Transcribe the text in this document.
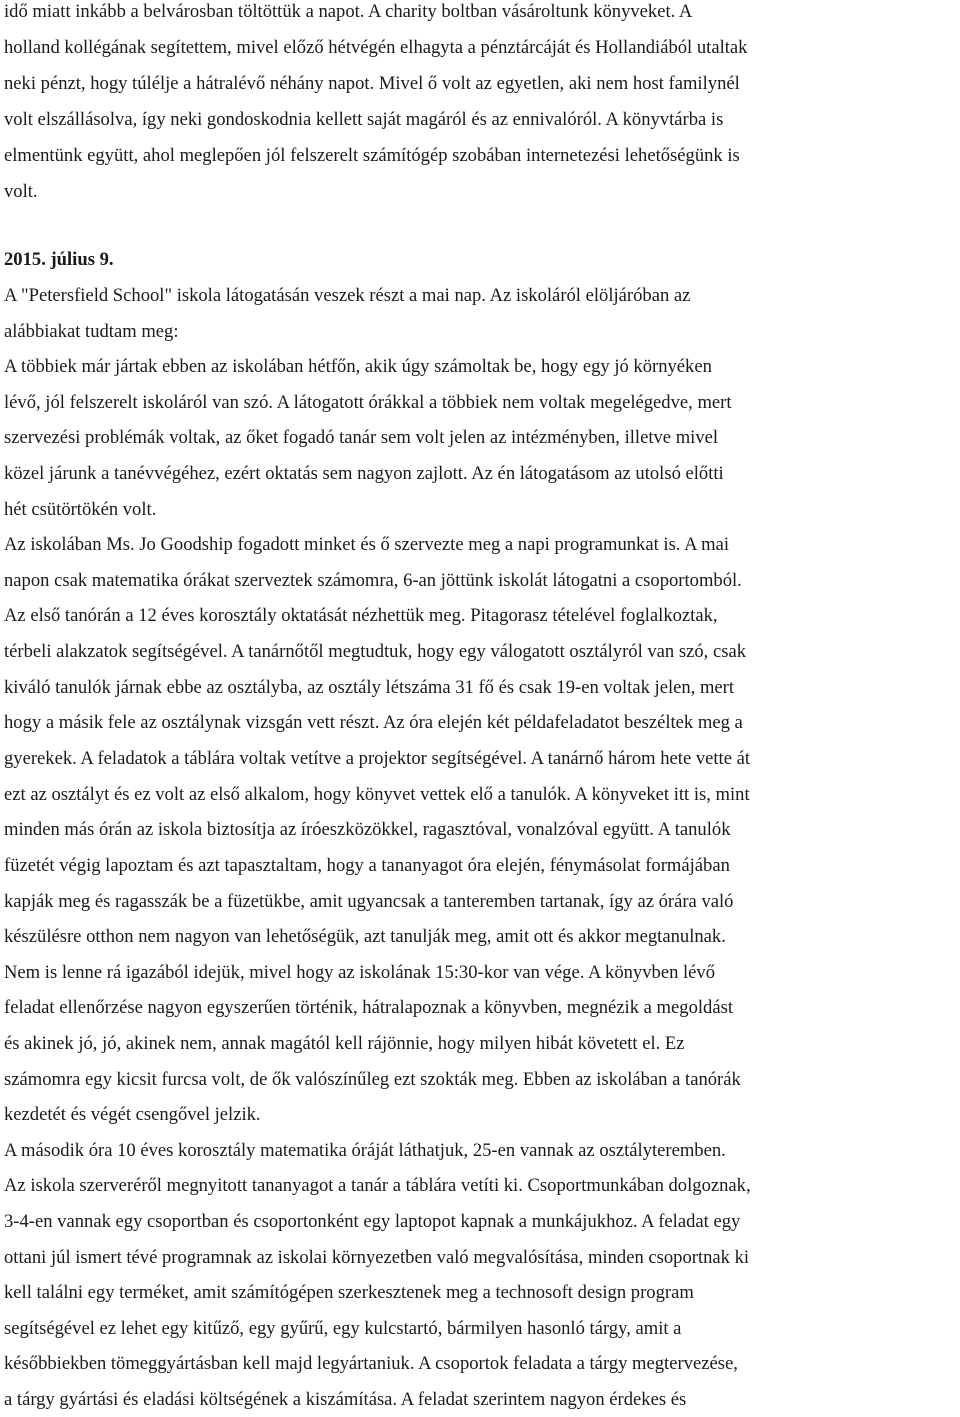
idő miatt inkább a belvárosban töltöttük a napot. A charity boltban vásároltunk könyveket. A
holland kollégának segítettem, mivel előző hétvégén elhagyta a pénztárcáját és Hollandiából utaltak
neki pénzt, hogy túlélje a hátralévő néhány napot. Mivel ő volt az egyetlen, aki nem host familynél
volt elszállásolva, így neki gondoskodnia kellett saját magáról és az ennivalóról. A könyvtárba is
elmentünk együtt, ahol meglepően jól felszerelt számítógép szobában internetezési lehetőségünk is
volt.
2015. július 9.
A "Petersfield School" iskola látogatásán veszek részt a mai nap. Az iskoláról elöljáróban az
alábbiakat tudtam meg:
A többiek már jártak ebben az iskolában hétfőn, akik úgy számoltak be, hogy egy jó környéken
lévő, jól felszerelt iskoláról van szó. A látogatott órákkal a többiek nem voltak megelégedve, mert
szervezési problémák voltak, az őket fogadó tanár sem volt jelen az intézményben, illetve mivel
közel járunk a tanévvégéhez, ezért oktatás sem nagyon zajlott. Az én látogatásom az utolsó előtti
hét csütörtökén volt.
Az iskolában Ms. Jo Goodship fogadott minket és ő szervezte meg a napi programunkat is. A mai
napon csak matematika órákat szerveztek számomra, 6-an jöttünk iskolát látogatni a csoportomból.
Az első tanórán a 12 éves korosztály oktatását nézhettük meg. Pitagorasz tételével foglalkoztak,
térbeli alakzatok segítségével. A tanárnőtől megtudtuk, hogy egy válogatott osztályról van szó, csak
kiváló tanulók járnak ebbe az osztályba, az osztály létszáma 31 fő és csak 19-en voltak jelen, mert
hogy a másik fele az osztálynak vizsgán vett részt. Az óra elején két példafeladatot beszéltek meg a
gyerekek. A feladatok a táblára voltak vetítve a projektor segítségével. A tanárnő három hete vette át
ezt az osztályt és ez volt az első alkalom, hogy könyvet vettek elő a tanulók. A könyveket itt is, mint
minden más órán az iskola biztosítja az íróeszközökkel, ragasztóval, vonalzóval együtt. A tanulók
füzetét végig lapoztam és azt tapasztaltam, hogy a tananyagot óra elején, fénymásolat formájában
kapják meg és ragasszák be a füzetükbe, amit ugyancsak a tanteremben tartanak, így az órára való
készülésre otthon nem nagyon van lehetőségük, azt tanulják meg, amit ott és akkor megtanulnak.
Nem is lenne rá igazából idejük, mivel hogy az iskolának 15:30-kor van vége. A könyvben lévő
feladat ellenőrzése nagyon egyszerűen történik, hátralapoznak a könyvben, megnézik a megoldást
és akinek jó, jó, akinek nem, annak magától kell rájönnie, hogy milyen hibát követett el. Ez
számomra egy kicsit furcsa volt, de ők valószínűleg ezt szokták meg. Ebben az iskolában a tanórák
kezdetét és végét csengővel jelzik.
A második óra 10 éves korosztály matematika óráját láthatjuk, 25-en vannak az osztályteremben.
Az iskola szerveréről megnyitott tananyagot a tanár a táblára vetíti ki. Csoportmunkában dolgoznak,
3-4-en vannak egy csoportban és csoportonként egy laptopot kapnak a munkájukhoz. A feladat egy
ottani júl ismert tévé programnak az iskolai környezetben való megvalósítása, minden csoportnak ki
kell találni egy terméket, amit számítógépen szerkesztenek meg a technosoft design program
segítségével ez lehet egy kitűző, egy gyűrű, egy kulcstartó, bármilyen hasonló tárgy, amit a
későbbiekben tömeggyártásban kell majd legyártaniuk. A csoportok feladata a tárgy megtervezése,
a tárgy gyártási és eladási költségének a kiszámítása. A feladat szerintem nagyon érdekes és
